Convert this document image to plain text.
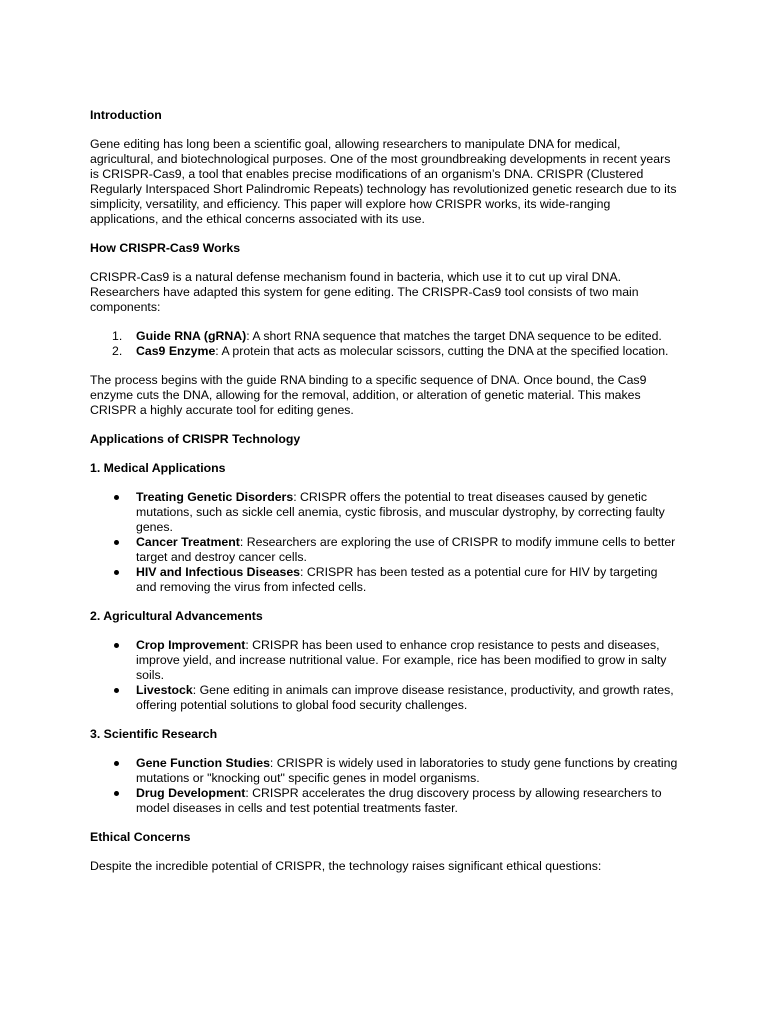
Introduction

Gene editing has long been a scientific goal, allowing researchers to manipulate DNA for medical, agricultural, and biotechnological purposes. One of the most groundbreaking developments in recent years is CRISPR-Cas9, a tool that enables precise modifications of an organism’s DNA. CRISPR (Clustered Regularly Interspaced Short Palindromic Repeats) technology has revolutionized genetic research due to its simplicity, versatility, and efficiency. This paper will explore how CRISPR works, its wide-ranging applications, and the ethical concerns associated with its use.

How CRISPR-Cas9 Works

CRISPR-Cas9 is a natural defense mechanism found in bacteria, which use it to cut up viral DNA. Researchers have adapted this system for gene editing. The CRISPR-Cas9 tool consists of two main components:

1. Guide RNA (gRNA): A short RNA sequence that matches the target DNA sequence to be edited.
2. Cas9 Enzyme: A protein that acts as molecular scissors, cutting the DNA at the specified location.

The process begins with the guide RNA binding to a specific sequence of DNA. Once bound, the Cas9 enzyme cuts the DNA, allowing for the removal, addition, or alteration of genetic material. This makes CRISPR a highly accurate tool for editing genes.

Applications of CRISPR Technology
1. Medical Applications
Treating Genetic Disorders: CRISPR offers the potential to treat diseases caused by genetic mutations, such as sickle cell anemia, cystic fibrosis, and muscular dystrophy, by correcting faulty genes.
Cancer Treatment: Researchers are exploring the use of CRISPR to modify immune cells to better target and destroy cancer cells.
HIV and Infectious Diseases: CRISPR has been tested as a potential cure for HIV by targeting and removing the virus from infected cells.
2. Agricultural Advancements
Crop Improvement: CRISPR has been used to enhance crop resistance to pests and diseases, improve yield, and increase nutritional value. For example, rice has been modified to grow in salty soils.
Livestock: Gene editing in animals can improve disease resistance, productivity, and growth rates, offering potential solutions to global food security challenges.
3. Scientific Research
Gene Function Studies: CRISPR is widely used in laboratories to study gene functions by creating mutations or "knocking out" specific genes in model organisms.
Drug Development: CRISPR accelerates the drug discovery process by allowing researchers to model diseases in cells and test potential treatments faster.
Ethical Concerns

Despite the incredible potential of CRISPR, the technology raises significant ethical questions:
